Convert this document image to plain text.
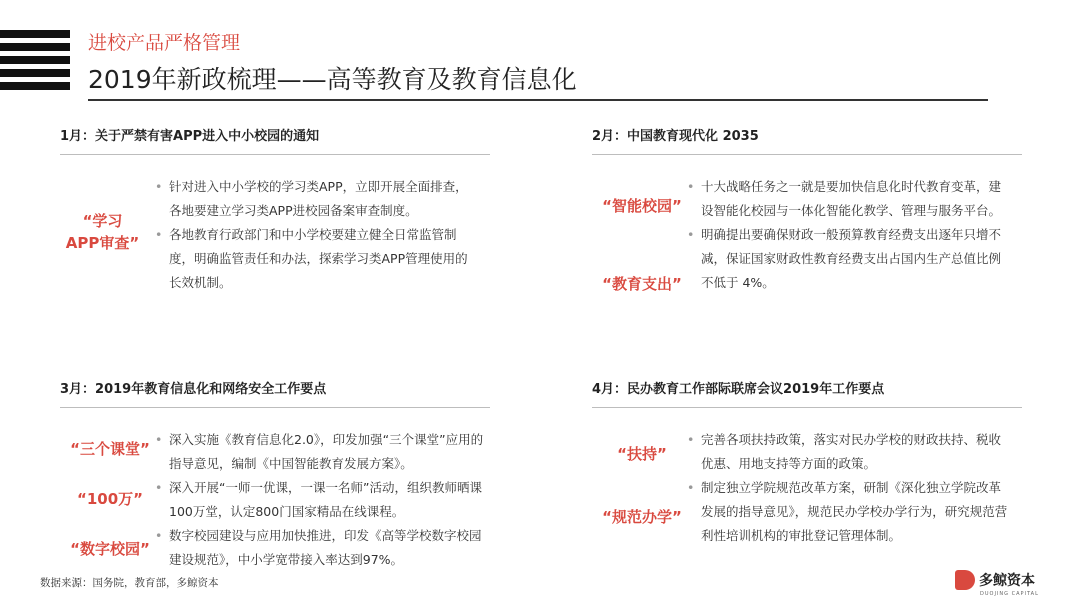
进校产品严格管理
2019年新政梳理——高等教育及教育信息化
1月：关于严禁有害APP进入中小校园的通知
“学习
APP审查”
• 针对进入中小学校的学习类APP，立即开展全面排查，各地要建立学习类APP进校园备案审查制度。
• 各地教育行政部门和中小学校要建立健全日常监管制度，明确监管责任和办法，探索学习类APP管理使用的长效机制。
2月：中国教育现代化 2035
“智能校园”
“教育支出”
• 十大战略任务之一就是要加快信息化时代教育变革，建设智能化校园与一体化智能化教学、管理与服务平台。
• 明确提出要确保财政一般预算教育经费支出逐年只增不减，保证国家财政性教育经费支出占国内生产总值比例不低于 4%。
3月：2019年教育信息化和网络安全工作要点
“三个课堂”
“100万”
“数字校园”
• 深入实施《教育信息化2.0》，印发加强“三个课堂”应用的指导意见，编制《中国智能教育发展方案》。
• 深入开展“一师一优课，一课一名师”活动，组织教师晒课100万堂，认定800门国家精品在线课程。
• 数字校园建设与应用加快推进，印发《高等学校数字校园建设规范》，中小学宽带接入率达到97%。
4月：民办教育工作部际联席会议2019年工作要点
“扶持”
“规范办学”
• 完善各项扶持政策，落实对民办学校的财政扶持、税收优惠、用地支持等方面的政策。
• 制定独立学院规范改革方案，研制《深化独立学院改革发展的指导意见》，规范民办学校办学行为，研究规范营利性培训机构的审批登记管理体制。
数据来源：国务院，教育部，多鲸资本	多鲸资本
DUOJING CAPITAL
